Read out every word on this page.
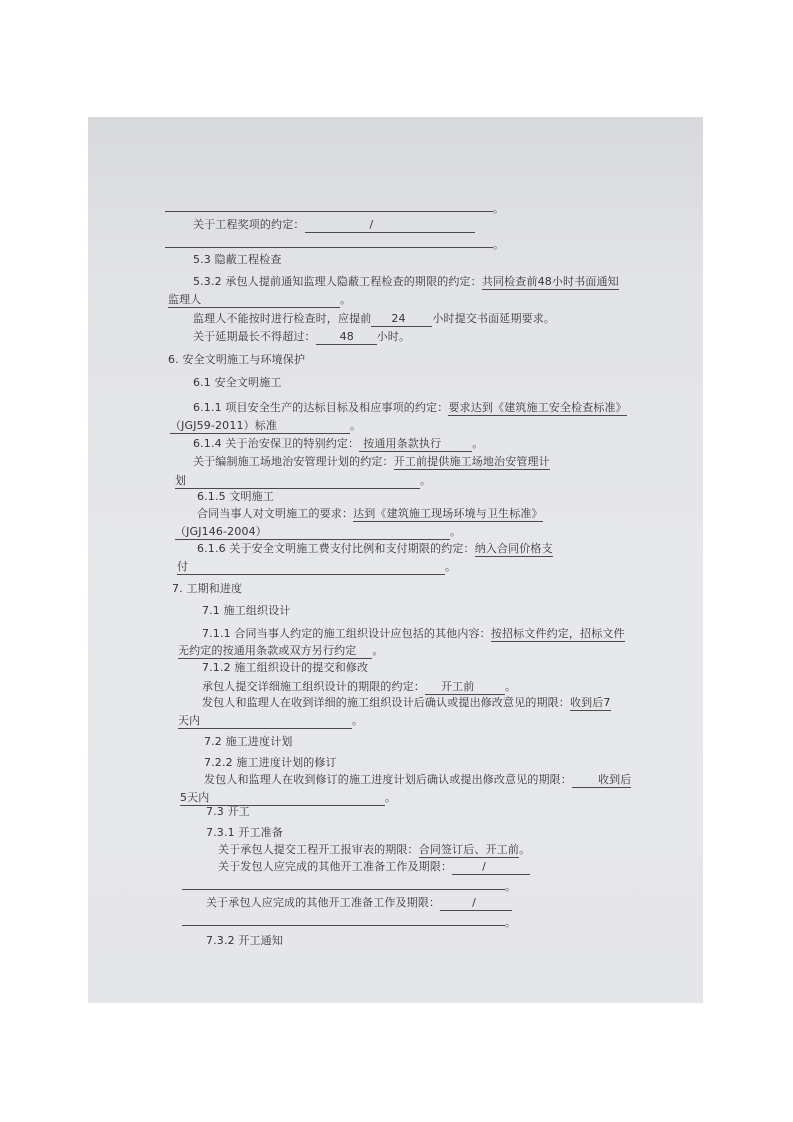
。
关于工程奖项的约定：	/
。
5.3 隐蔽工程检查
5.3.2 承包人提前通知监理人隐蔽工程检查的期限的约定：共同检查前48小时书面通知
监理人	。
监理人不能按时进行检查时，应提前 24 小时提交书面延期要求。
关于延期最长不得超过： 48 小时。
6. 安全文明施工与环境保护
6.1 安全文明施工
6.1.1 项目安全生产的达标目标及相应事项的约定：要求达到《建筑施工安全检查标准》
（JGJ59-2011）标准	。
6.1.4 关于治安保卫的特别约定： 按通用条款执行	。
关于编制施工场地治安管理计划的约定：开工前提供施工场地治安管理计
划	。
6.1.5 文明施工
合同当事人对文明施工的要求：达到《建筑施工现场环境与卫生标准》
（JGJ146-2004）	。
6.1.6 关于安全文明施工费支付比例和支付期限的约定：纳入合同价格支
付	。
7. 工期和进度
7.1 施工组织设计
7.1.1 合同当事人约定的施工组织设计应包括的其他内容：按招标文件约定，招标文件
无约定的按通用条款或双方另行约定 。
7.1.2 施工组织设计的提交和修改
承包人提交详细施工组织设计的期限的约定： 开工前	。
发包人和监理人在收到详细的施工组织设计后确认或提出修改意见的期限：收到后7
天内	。
7.2 施工进度计划
7.2.2 施工进度计划的修订
发包人和监理人在收到修订的施工进度计划后确认或提出修改意见的期限： 收到后
5天内	。
7.3 开工
7.3.1 开工准备
关于承包人提交工程开工报审表的期限：合同签订后、开工前。
关于发包人应完成的其他开工准备工作及期限：	/
。
关于承包人应完成的其他开工准备工作及期限：	/
。
7.3.2 开工通知
